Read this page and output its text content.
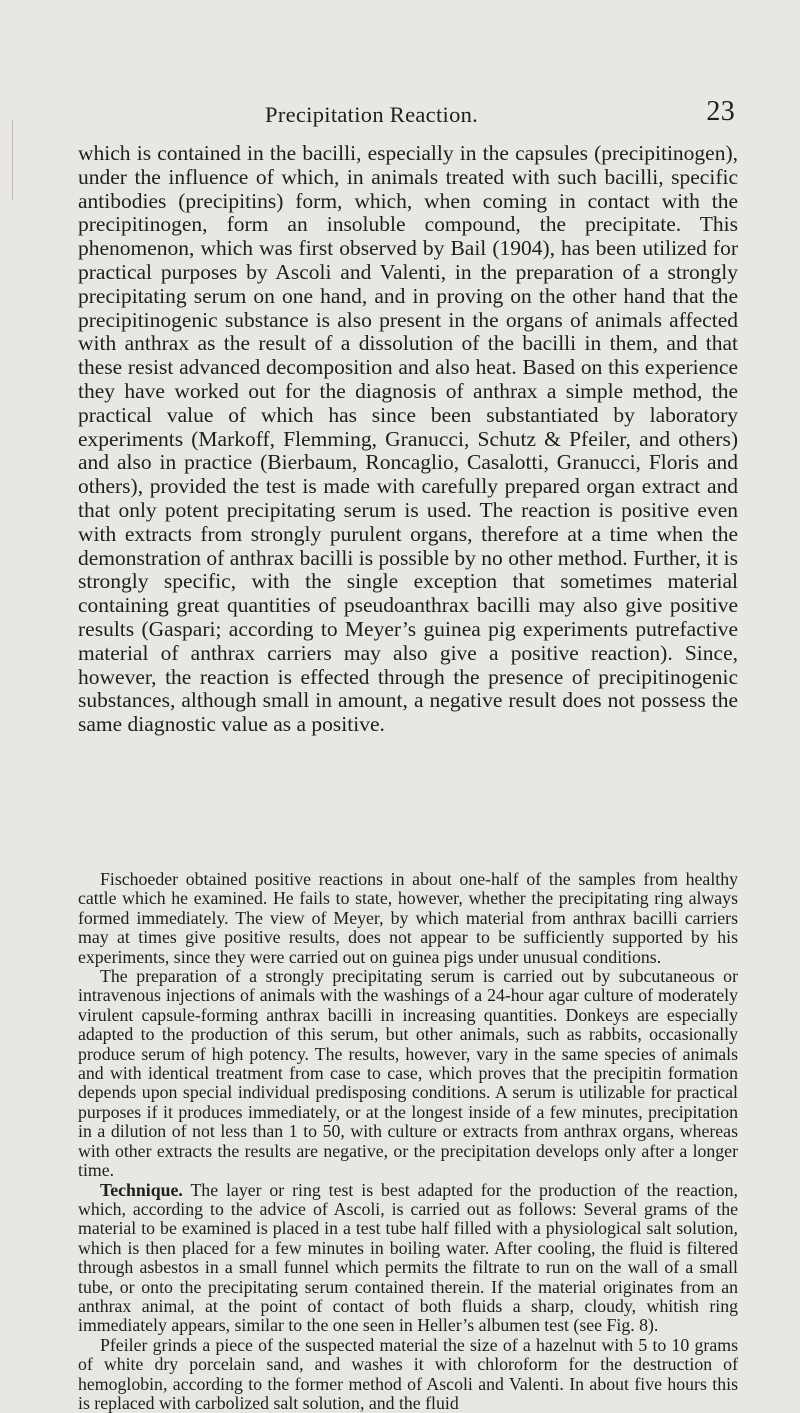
Precipitation Reaction.	23

which is contained in the bacilli, especially in the capsules (precipitinogen), under the influence of which, in animals treated with such bacilli, specific antibodies (precipitins) form, which, when coming in contact with the precipitinogen, form an insoluble compound, the precipitate. This phenomenon, which was first observed by Bail (1904), has been utilized for practical purposes by Ascoli and Valenti, in the preparation of a strongly precipitating serum on one hand, and in proving on the other hand that the precipitinogenic substance is also present in the organs of animals affected with anthrax as the result of a dissolution of the bacilli in them, and that these resist advanced decomposition and also heat. Based on this experience they have worked out for the diagnosis of anthrax a simple method, the practical value of which has since been substantiated by laboratory experiments (Markoff, Flemming, Granucci, Schutz & Pfeiler, and others) and also in practice (Bierbaum, Roncaglio, Casalotti, Granucci, Floris and others), provided the test is made with carefully prepared organ extract and that only potent precipitating serum is used. The reaction is positive even with extracts from strongly purulent organs, therefore at a time when the demonstration of anthrax bacilli is possible by no other method. Further, it is strongly specific, with the single exception that sometimes material containing great quantities of pseudoanthrax bacilli may also give positive results (Gaspari; according to Meyer’s guinea pig experiments putrefactive material of anthrax carriers may also give a positive reaction). Since, however, the reaction is effected through the presence of precipitinogenic substances, although small in amount, a negative result does not possess the same diagnostic value as a positive.

Fischoeder obtained positive reactions in about one-half of the samples from healthy cattle which he examined. He fails to state, however, whether the precipitating ring always formed immediately. The view of Meyer, by which material from anthrax bacilli carriers may at times give positive results, does not appear to be sufficiently supported by his experiments, since they were carried out on guinea pigs under unusual conditions.

The preparation of a strongly precipitating serum is carried out by subcutaneous or intravenous injections of animals with the washings of a 24-hour agar culture of moderately virulent capsule-forming anthrax bacilli in increasing quantities. Donkeys are especially adapted to the production of this serum, but other animals, such as rabbits, occasionally produce serum of high potency. The results, however, vary in the same species of animals and with identical treatment from case to case, which proves that the precipitin formation depends upon special individual predisposing conditions. A serum is utilizable for practical purposes if it produces immediately, or at the longest inside of a few minutes, precipitation in a dilution of not less than 1 to 50, with culture or extracts from anthrax organs, whereas with other extracts the results are negative, or the precipitation develops only after a longer time.

Technique. The layer or ring test is best adapted for the production of the reaction, which, according to the advice of Ascoli, is carried out as follows: Several grams of the material to be examined is placed in a test tube half filled with a physiological salt solution, which is then placed for a few minutes in boiling water. After cooling, the fluid is filtered through asbestos in a small funnel which permits the filtrate to run on the wall of a small tube, or onto the precipitating serum contained therein. If the material originates from an anthrax animal, at the point of contact of both fluids a sharp, cloudy, whitish ring immediately appears, similar to the one seen in Heller’s albumen test (see Fig. 8).

Pfeiler grinds a piece of the suspected material the size of a hazelnut with 5 to 10 grams of white dry porcelain sand, and washes it with chloroform for the destruction of hemoglobin, according to the former method of Ascoli and Valenti. In about five hours this is replaced with carbolized salt solution, and the fluid
